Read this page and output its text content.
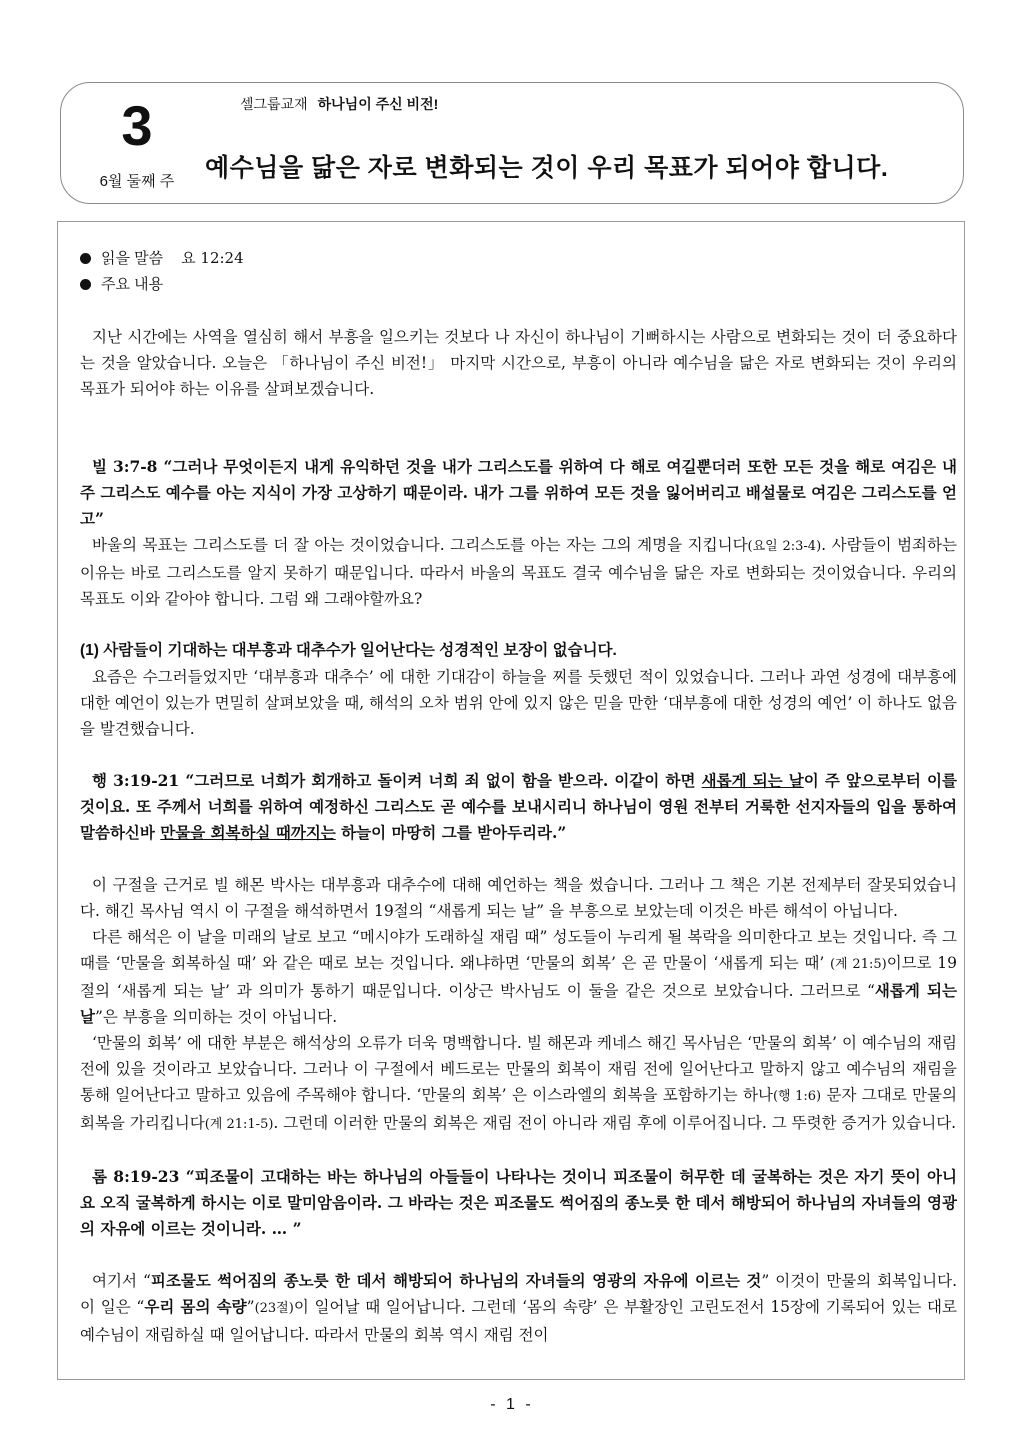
3
6월 둘째 주
셀그룹교재 하나님이 주신 비전!
예수님을 닮은 자로 변화되는 것이 우리 목표가 되어야 합니다.
읽을 말씀 요 12:24
주요 내용

지난 시간에는 사역을 열심히 해서 부흥을 일으키는 것보다 나 자신이 하나님이 기뻐하시는 사람으로 변화되는 것이 더 중요하다는 것을 알았습니다. 오늘은 「하나님이 주신 비전!」 마지막 시간으로, 부흥이 아니라 예수님을 닮은 자로 변화되는 것이 우리의 목표가 되어야 하는 이유를 살펴보겠습니다.

빌 3:7-8 “그러나 무엇이든지 내게 유익하던 것을 내가 그리스도를 위하여 다 해로 여길뿐더러 또한 모든 것을 해로 여김은 내 주 그리스도 예수를 아는 지식이 가장 고상하기 때문이라. 내가 그를 위하여 모든 것을 잃어버리고 배설물로 여김은 그리스도를 얻고”

바울의 목표는 그리스도를 더 잘 아는 것이었습니다. 그리스도를 아는 자는 그의 계명을 지킵니다(요일 2:3-4). 사람들이 범죄하는 이유는 바로 그리스도를 알지 못하기 때문입니다. 따라서 바울의 목표도 결국 예수님을 닮은 자로 변화되는 것이었습니다. 우리의 목표도 이와 같아야 합니다. 그럼 왜 그래야할까요?

(1) 사람들이 기대하는 대부흥과 대추수가 일어난다는 성경적인 보장이 없습니다.

요즘은 수그러들었지만 ‘대부흥과 대추수’ 에 대한 기대감이 하늘을 찌를 듯했던 적이 있었습니다. 그러나 과연 성경에 대부흥에 대한 예언이 있는가 면밀히 살펴보았을 때, 해석의 오차 범위 안에 있지 않은 믿을 만한 ‘대부흥에 대한 성경의 예언’ 이 하나도 없음을 발견했습니다.

행 3:19-21 “그러므로 너희가 회개하고 돌이켜 너희 죄 없이 함을 받으라. 이같이 하면 새롭게 되는 날이 주 앞으로부터 이를 것이요. 또 주께서 너희를 위하여 예정하신 그리스도 곧 예수를 보내시리니 하나님이 영원 전부터 거룩한 선지자들의 입을 통하여 말씀하신바 만물을 회복하실 때까지는 하늘이 마땅히 그를 받아두리라.”

이 구절을 근거로 빌 해몬 박사는 대부흥과 대추수에 대해 예언하는 책을 썼습니다. 그러나 그 책은 기본 전제부터 잘못되었습니다. 해긴 목사님 역시 이 구절을 해석하면서 19절의 “새롭게 되는 날” 을 부흥으로 보았는데 이것은 바른 해석이 아닙니다.

다른 해석은 이 날을 미래의 날로 보고 “메시야가 도래하실 재림 때” 성도들이 누리게 될 복락을 의미한다고 보는 것입니다. 즉 그때를 ‘만물을 회복하실 때’ 와 같은 때로 보는 것입니다. 왜냐하면 ‘만물의 회복’ 은 곧 만물이 ‘새롭게 되는 때’ (계 21:5)이므로 19절의 ‘새롭게 되는 날’ 과 의미가 통하기 때문입니다. 이상근 박사님도 이 둘을 같은 것으로 보았습니다. 그러므로 “새롭게 되는 날”은 부흥을 의미하는 것이 아닙니다.

‘만물의 회복’ 에 대한 부분은 해석상의 오류가 더욱 명백합니다. 빌 해몬과 케네스 해긴 목사님은 ‘만물의 회복’ 이 예수님의 재림 전에 있을 것이라고 보았습니다. 그러나 이 구절에서 베드로는 만물의 회복이 재림 전에 일어난다고 말하지 않고 예수님의 재림을 통해 일어난다고 말하고 있음에 주목해야 합니다. ‘만물의 회복’ 은 이스라엘의 회복을 포함하기는 하나(행 1:6) 문자 그대로 만물의 회복을 가리킵니다(계 21:1-5). 그런데 이러한 만물의 회복은 재림 전이 아니라 재림 후에 이루어집니다. 그 뚜렷한 증거가 있습니다.

롬 8:19-23 “피조물이 고대하는 바는 하나님의 아들들이 나타나는 것이니 피조물이 허무한 데 굴복하는 것은 자기 뜻이 아니요 오직 굴복하게 하시는 이로 말미암음이라. 그 바라는 것은 피조물도 썩어짐의 종노릇 한 데서 해방되어 하나님의 자녀들의 영광의 자유에 이르는 것이니라. … ”

여기서 “피조물도 썩어짐의 종노릇 한 데서 해방되어 하나님의 자녀들의 영광의 자유에 이르는 것” 이것이 만물의 회복입니다. 이 일은 “우리 몸의 속량”(23절)이 일어날 때 일어납니다. 그런데 ‘몸의 속량’ 은 부활장인 고린도전서 15장에 기록되어 있는 대로 예수님이 재림하실 때 일어납니다. 따라서 만물의 회복 역시 재림 전이

- 1 -
